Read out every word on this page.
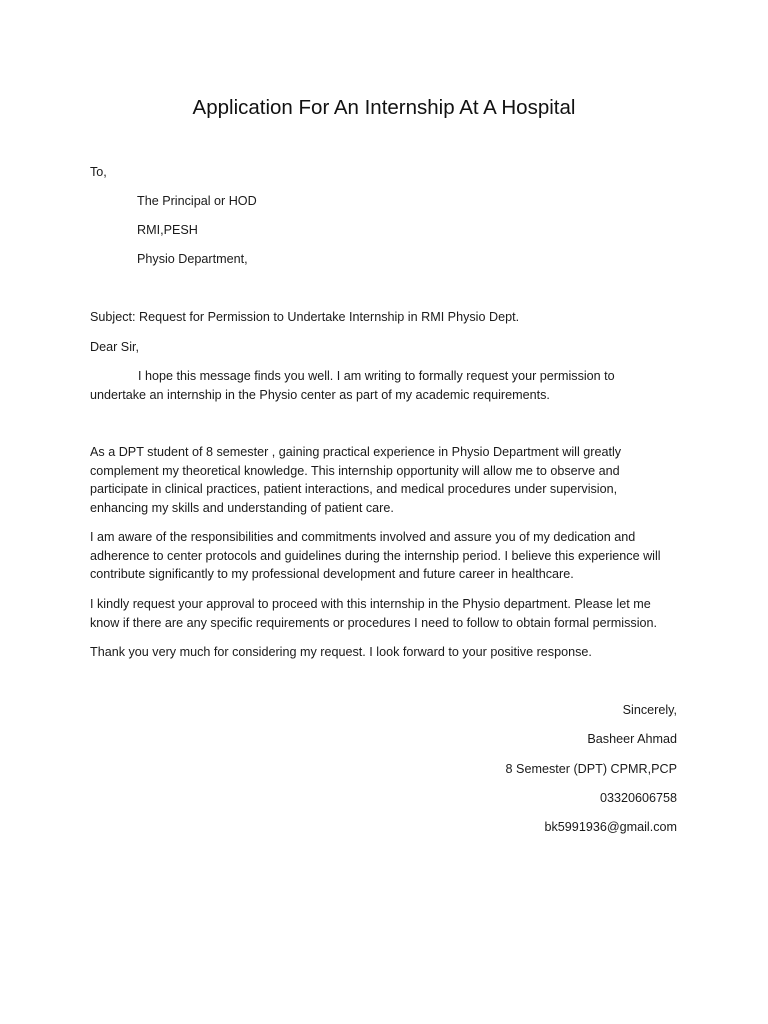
Application For An Internship At A Hospital
To,
The Principal or HOD
RMI,PESH
Physio Department,
Subject: Request for Permission to Undertake Internship in RMI Physio Dept.
Dear Sir,
I hope this message finds you well. I am writing to formally request your permission to
undertake an internship in the Physio center as part of my academic requirements.
As a DPT student of 8 semester , gaining practical experience in Physio Department will greatly
complement my theoretical knowledge. This internship opportunity will allow me to observe and
participate in clinical practices, patient interactions, and medical procedures under supervision,
enhancing my skills and understanding of patient care.
I am aware of the responsibilities and commitments involved and assure you of my dedication and
adherence to center protocols and guidelines during the internship period. I believe this experience will
contribute significantly to my professional development and future career in healthcare.
I kindly request your approval to proceed with this internship in the Physio department. Please let me
know if there are any specific requirements or procedures I need to follow to obtain formal permission.
Thank you very much for considering my request. I look forward to your positive response.
Sincerely,
Basheer Ahmad
8 Semester (DPT) CPMR,PCP
03320606758
bk5991936@gmail.com
